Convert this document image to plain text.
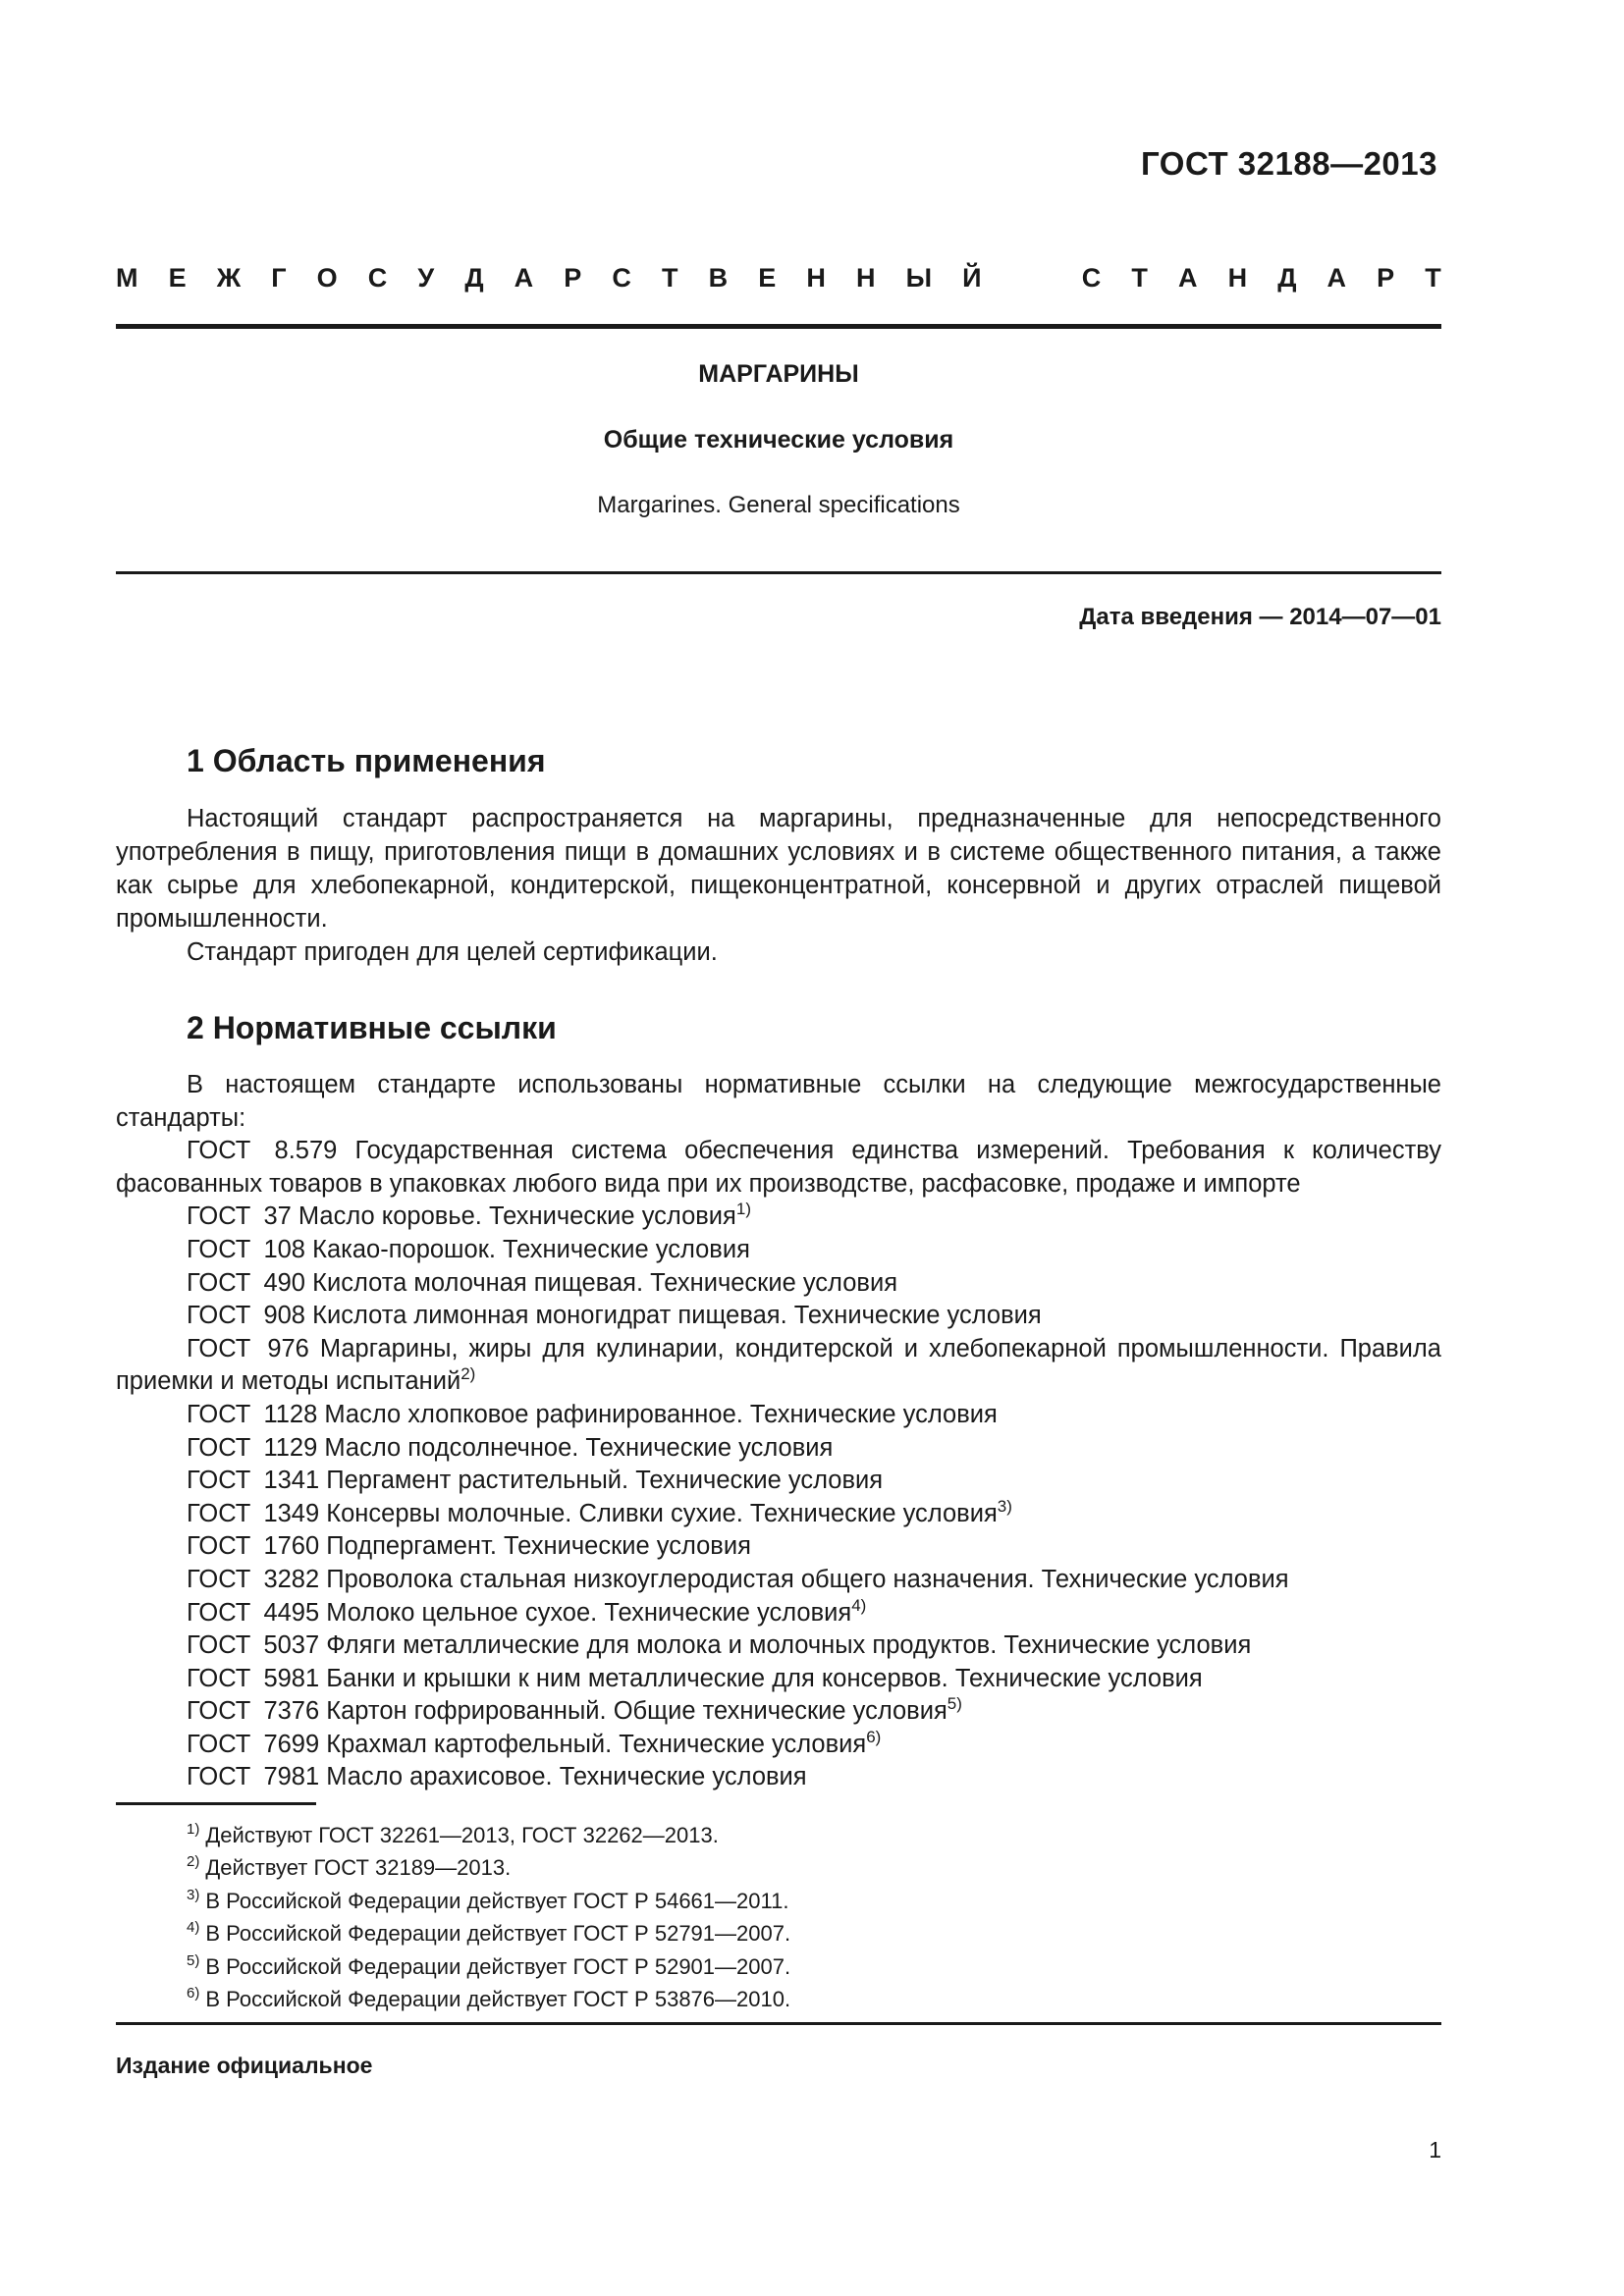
ГОСТ 32188—2013
М Е Ж Г О С У Д А Р С Т В Е Н Н Ы Й	С Т А Н Д А Р Т
МАРГАРИНЫ
Общие технические условия
Margarines. General specifications
Дата введения — 2014—07—01
1 Область применения

Настоящий стандарт распространяется на маргарины, предназначенные для непосредственного употребления в пищу, приготовления пищи в домашних условиях и в системе общественного питания, а также как сырье для хлебопекарной, кондитерской, пищеконцентратной, консервной и других отраслей пищевой промышленности.

Стандарт пригоден для целей сертификации.

2 Нормативные ссылки
В настоящем стандарте использованы нормативные ссылки на следующие межгосударственные стандарты:
ГОСТ 8.579 Государственная система обеспечения единства измерений. Требования к количеству фасованных товаров в упаковках любого вида при их производстве, расфасовке, продаже и импорте
ГОСТ 37 Масло коровье. Технические условия$^{1)}$
ГОСТ 108 Какао-порошок. Технические условия
ГОСТ 490 Кислота молочная пищевая. Технические условия
ГОСТ 908 Кислота лимонная моногидрат пищевая. Технические условия
ГОСТ 976 Маргарины, жиры для кулинарии, кондитерской и хлебопекарной промышленности. Правила приемки и методы испытаний$^{2)}$
ГОСТ 1128 Масло хлопковое рафинированное. Технические условия
ГОСТ 1129 Масло подсолнечное. Технические условия
ГОСТ 1341 Пергамент растительный. Технические условия
ГОСТ 1349 Консервы молочные. Сливки сухие. Технические условия$^{3)}$
ГОСТ 1760 Подпергамент. Технические условия
ГОСТ 3282 Проволока стальная низкоуглеродистая общего назначения. Технические условия
ГОСТ 4495 Молоко цельное сухое. Технические условия$^{4)}$
ГОСТ 5037 Фляги металлические для молока и молочных продуктов. Технические условия
ГОСТ 5981 Банки и крышки к ним металлические для консервов. Технические условия
ГОСТ 7376 Картон гофрированный. Общие технические условия$^{5)}$
ГОСТ 7699 Крахмал картофельный. Технические условия$^{6)}$
ГОСТ 7981 Масло арахисовое. Технические условия
$^{1)}$ Действуют ГОСТ 32261—2013, ГОСТ 32262—2013.
$^{2)}$ Действует ГОСТ 32189—2013.
$^{3)}$ В Российской Федерации действует ГОСТ Р 54661—2011.
$^{4)}$ В Российской Федерации действует ГОСТ Р 52791—2007.
$^{5)}$ В Российской Федерации действует ГОСТ Р 52901—2007.
$^{6)}$ В Российской Федерации действует ГОСТ Р 53876—2010.
Издание официальное
1
